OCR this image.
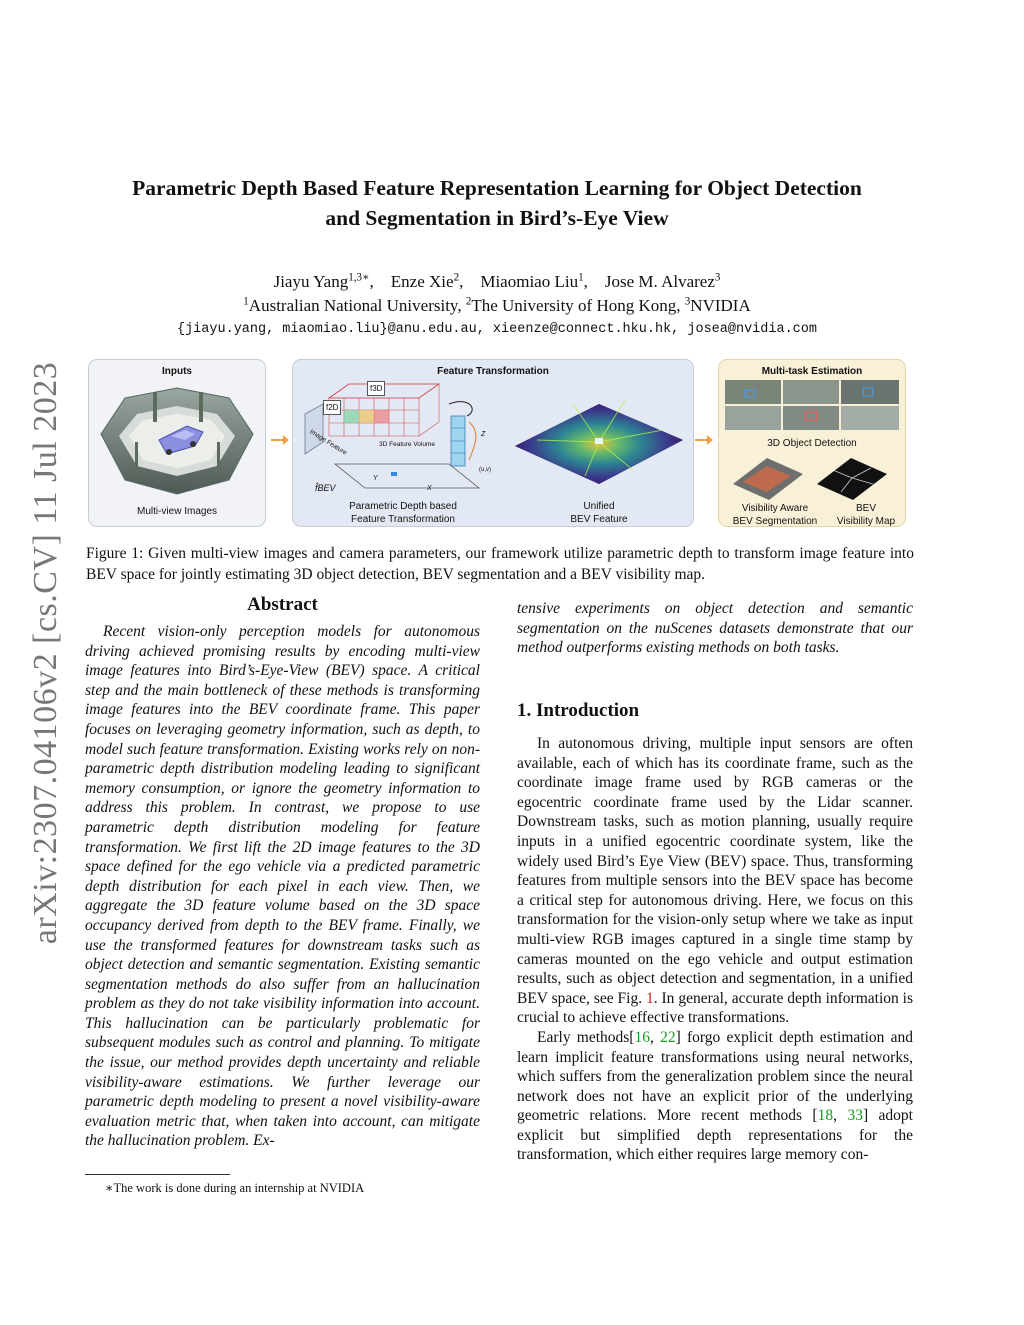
arXiv:2307.04106v2 [cs.CV] 11 Jul 2023
Parametric Depth Based Feature Representation Learning for Object Detection
and Segmentation in Bird’s-Eye View
Jiayu Yang$^{1,3∗}$,    Enze Xie$^2$,    Miaomiao Liu$^1$,    Jose M. Alvarez$^3$
$^1$Australian National University, $^2$The University of Hong Kong, $^3$NVIDIA
{jiayu.yang, miaomiao.liu}@anu.edu.au, xieenze@connect.hku.hk, josea@nvidia.com
Inputs
Multi-view Images
Feature Transformation
f3D
f2D
Image Feature	3D Feature Volume
Z
(u,v)
Y
X
f̂BEV
Parametric Depth based
Feature Transformation
Unified
BEV Feature
Multi-task Estimation
3D Object Detection
Visibility Aware
BEV Segmentation
BEV
Visibility Map
Figure 1: Given multi-view images and camera parameters, our framework utilize parametric depth to transform image feature into BEV space for jointly estimating 3D object detection, BEV segmentation and a BEV visibility map.
Abstract

Recent vision-only perception models for autonomous driving achieved promising results by encoding multi-view image features into Bird’s-Eye-View (BEV) space. A critical step and the main bottleneck of these methods is transforming image features into the BEV coordinate frame. This paper focuses on leveraging geometry information, such as depth, to model such feature transformation. Existing works rely on non-parametric depth distribution modeling leading to significant memory consumption, or ignore the geometry information to address this problem. In contrast, we propose to use parametric depth distribution modeling for feature transformation. We first lift the 2D image features to the 3D space defined for the ego vehicle via a predicted parametric depth distribution for each pixel in each view. Then, we aggregate the 3D feature volume based on the 3D space occupancy derived from depth to the BEV frame. Finally, we use the transformed features for downstream tasks such as object detection and semantic segmentation. Existing semantic segmentation methods do also suffer from an hallucination problem as they do not take visibility information into account. This hallucination can be particularly problematic for subsequent modules such as control and planning. To mitigate the issue, our method provides depth uncertainty and reliable visibility-aware estimations. We further leverage our parametric depth modeling to present a novel visibility-aware evaluation metric that, when taken into account, can mitigate the hallucination problem. Ex-

tensive experiments on object detection and semantic segmentation on the nuScenes datasets demonstrate that our method outperforms existing methods on both tasks.

1. Introduction

In autonomous driving, multiple input sensors are often available, each of which has its coordinate frame, such as the coordinate image frame used by RGB cameras or the egocentric coordinate frame used by the Lidar scanner. Downstream tasks, such as motion planning, usually require inputs in a unified egocentric coordinate system, like the widely used Bird’s Eye View (BEV) space. Thus, transforming features from multiple sensors into the BEV space has become a critical step for autonomous driving. Here, we focus on this transformation for the vision-only setup where we take as input multi-view RGB images captured in a single time stamp by cameras mounted on the ego vehicle and output estimation results, such as object detection and segmentation, in a unified BEV space, see Fig. 1. In general, accurate depth information is crucial to achieve effective transformations.

Early methods[16, 22] forgo explicit depth estimation and learn implicit feature transformations using neural networks, which suffers from the generalization problem since the neural network does not have an explicit prior of the underlying geometric relations. More recent methods [18, 33] adopt explicit but simplified depth representations for the transformation, which either requires large memory con-

∗The work is done during an internship at NVIDIA
